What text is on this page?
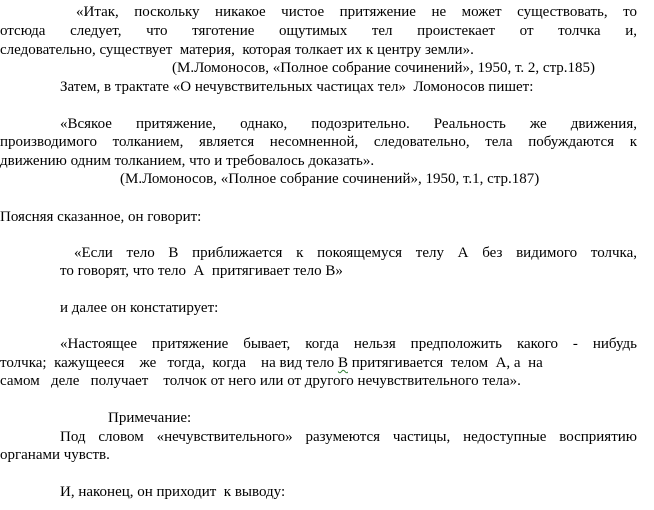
«Итак, поскольку никакое чистое притяжение не может существовать, то
отсюда следует, что тяготение ощутимых тел проистекает от толчка и,
следовательно, существует  материя,  которая толкает их к центру земли».
(М.Ломоносов, «Полное собрание сочинений», 1950, т. 2, стр.185)
Затем, в трактате «О нечувствительных частицах тел»  Ломоносов пишет:
«Всякое притяжение, однако, подозрительно. Реальность же движения,
производимого толканием, является несомненной, следовательно, тела побуждаются к
движению одним толканием, что и требовалось доказать».
(М.Ломоносов, «Полное собрание сочинений», 1950, т.1, стр.187)
Поясняя сказанное, он говорит:
«Если тело В приближается к покоящемуся телу А без видимого толчка,
то говорят, что тело  А  притягивает тело В»
и далее он констатирует:
«Настоящее притяжение бывает, когда нельзя предположить какого - нибудь
толчка;  кажущееся    же   тогда,  когда    на вид тело В притягивается  телом  А, а  на
самом   деле   получает    толчок от него или от другого нечувствительного тела».
Примечание:
Под словом «нечувствительного» разумеются частицы, недоступные восприятию
органами чувств.
И, наконец, он приходит  к выводу:
